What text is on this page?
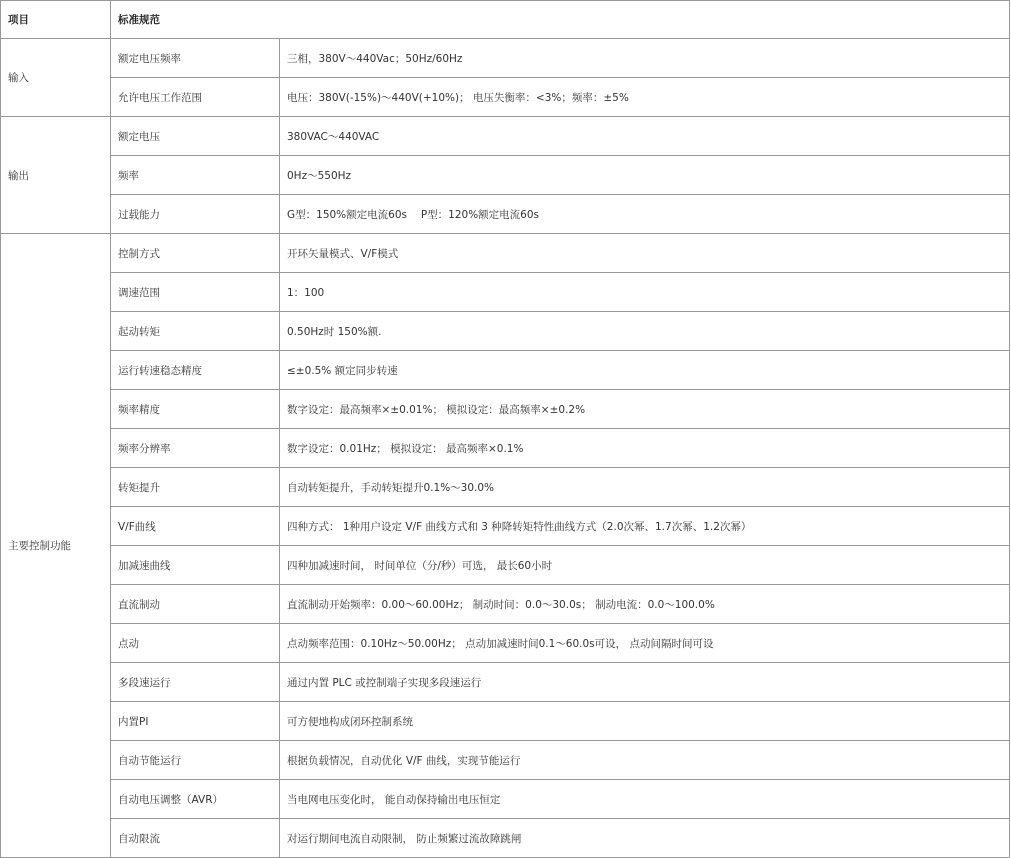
项目	标准规范	
输入	额定电压频率	三相，380V～440Vac；50Hz/60Hz
	允许电压工作范围	电压：380V(-15%)～440V(+10%)； 电压失衡率：<3%；频率：±5%
输出	额定电压	380VAC～440VAC
	频率	0Hz～550Hz
	过载能力	G型：150%额定电流60s 　P型：120%额定电流60s
主要控制功能	控制方式	开环矢量模式、V/F模式
	调速范围	1：100
	起动转矩	0.50Hz时 150%额.
	运行转速稳态精度	≤±0.5% 额定同步转速
	频率精度	数字设定：最高频率×±0.01%； 模拟设定：最高频率×±0.2%
	频率分辨率	数字设定：0.01Hz； 模拟设定： 最高频率×0.1%
	转矩提升	自动转矩提升，手动转矩提升0.1%～30.0%
	V/F曲线	四种方式： 1种用户设定 V/F 曲线方式和 3 种降转矩特性曲线方式（2.0次幂、1.7次幂、1.2次幂）
	加减速曲线	四种加减速时间， 时间单位（分/秒）可选， 最长60小时
	直流制动	直流制动开始频率：0.00～60.00Hz； 制动时间：0.0～30.0s； 制动电流：0.0～100.0%
	点动	点动频率范围：0.10Hz～50.00Hz； 点动加减速时间0.1～60.0s可设， 点动间隔时间可设
	多段速运行	通过内置 PLC 或控制端子实现多段速运行
	内置PI	可方便地构成闭环控制系统
	自动节能运行	根据负载情况，自动优化 V/F 曲线，实现节能运行
	自动电压调整（AVR）	当电网电压变化时， 能自动保持输出电压恒定
	自动限流	对运行期间电流自动限制， 防止频繁过流故障跳闸
